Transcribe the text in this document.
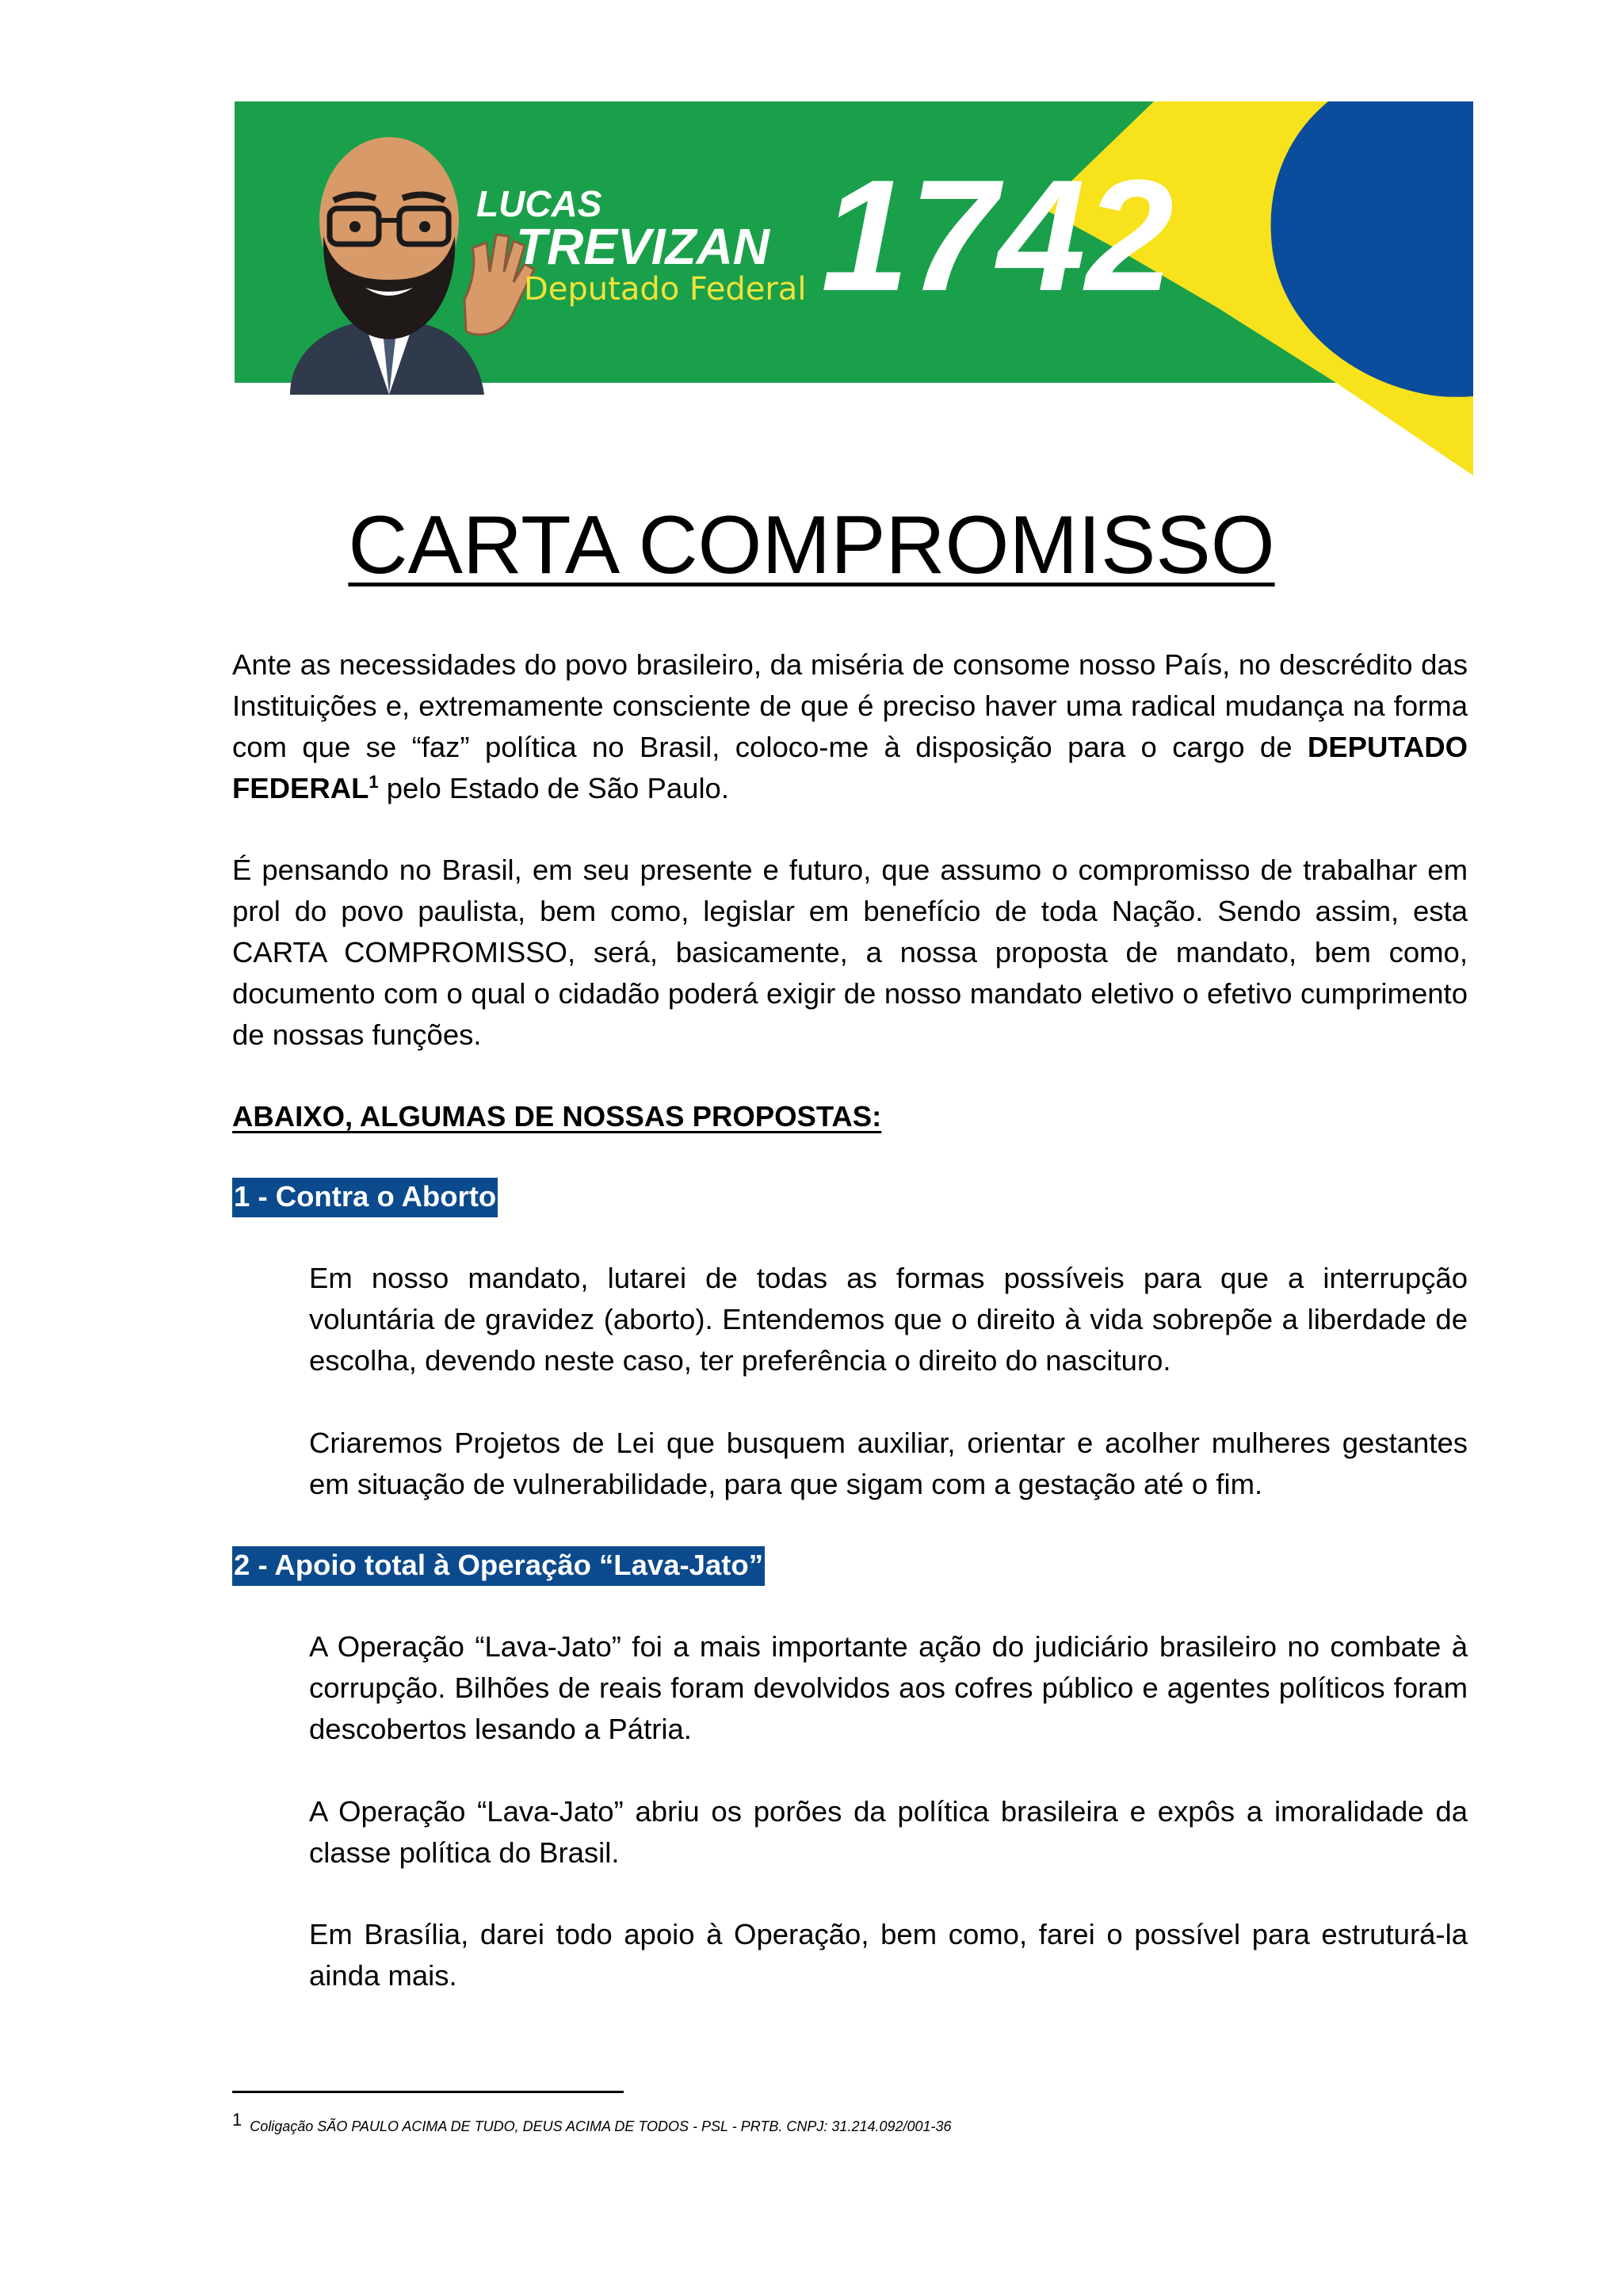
LUCAS
TREVIZAN
Deputado Federal 1742
CARTA COMPROMISSO

Ante as necessidades do povo brasileiro, da miséria de consome nosso País, no descrédito das Instituições e, extremamente consciente de que é preciso haver uma radical mudança na forma com que se “faz” política no Brasil, coloco-me à disposição para o cargo de DEPUTADO FEDERAL$^1$ pelo Estado de São Paulo.

É pensando no Brasil, em seu presente e futuro, que assumo o compromisso de trabalhar em prol do povo paulista, bem como, legislar em benefício de toda Nação. Sendo assim, esta CARTA COMPROMISSO, será, basicamente, a nossa proposta de mandato, bem como, documento com o qual o cidadão poderá exigir de nosso mandato eletivo o efetivo cumprimento de nossas funções.

ABAIXO, ALGUMAS DE NOSSAS PROPOSTAS:

1 - Contra o Aborto

Em nosso mandato, lutarei de todas as formas possíveis para que a interrupção voluntária de gravidez (aborto). Entendemos que o direito à vida sobrepõe a liberdade de escolha, devendo neste caso, ter preferência o direito do nascituro.

Criaremos Projetos de Lei que busquem auxiliar, orientar e acolher mulheres gestantes em situação de vulnerabilidade, para que sigam com a gestação até o fim.

2 - Apoio total à Operação “Lava-Jato”

A Operação “Lava-Jato” foi a mais importante ação do judiciário brasileiro no combate à corrupção. Bilhões de reais foram devolvidos aos cofres público e agentes políticos foram descobertos lesando a Pátria.

A Operação “Lava-Jato” abriu os porões da política brasileira e expôs a imoralidade da classe política do Brasil.

Em Brasília, darei todo apoio à Operação, bem como, farei o possível para estruturá-la ainda mais.

1 Coligação SÃO PAULO ACIMA DE TUDO, DEUS ACIMA DE TODOS - PSL - PRTB. CNPJ: 31.214.092/001-36
